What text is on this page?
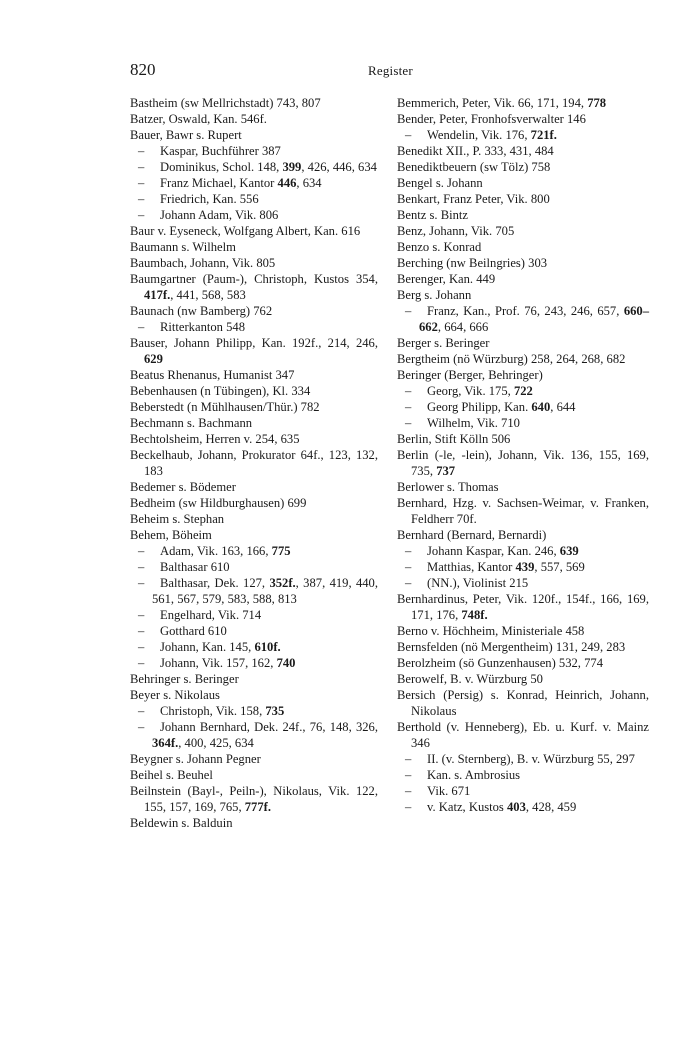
820	Register
Bastheim (sw Mellrichstadt) 743, 807
Batzer, Oswald, Kan. 546f.
Bauer, Bawr s. Rupert
– Kaspar, Buchführer 387
– Dominikus, Schol. 148, 399, 426, 446, 634
– Franz Michael, Kantor 446, 634
– Friedrich, Kan. 556
– Johann Adam, Vik. 806
Baur v. Eyseneck, Wolfgang Albert, Kan. 616
Baumann s. Wilhelm
Baumbach, Johann, Vik. 805
Baumgartner (Paum-), Christoph, Kustos 354, 417f., 441, 568, 583
Baunach (nw Bamberg) 762
– Ritterkanton 548
Bauser, Johann Philipp, Kan. 192f., 214, 246, 629
Beatus Rhenanus, Humanist 347
Bebenhausen (n Tübingen), Kl. 334
Beberstedt (n Mühlhausen/Thür.) 782
Bechmann s. Bachmann
Bechtolsheim, Herren v. 254, 635
Beckelhaub, Johann, Prokurator 64f., 123, 132, 183
Bedemer s. Bödemer
Bedheim (sw Hildburghausen) 699
Beheim s. Stephan
Behem, Böheim
– Adam, Vik. 163, 166, 775
– Balthasar 610
– Balthasar, Dek. 127, 352f., 387, 419, 440, 561, 567, 579, 583, 588, 813
– Engelhard, Vik. 714
– Gotthard 610
– Johann, Kan. 145, 610f.
– Johann, Vik. 157, 162, 740
Behringer s. Beringer
Beyer s. Nikolaus
– Christoph, Vik. 158, 735
– Johann Bernhard, Dek. 24f., 76, 148, 326, 364f., 400, 425, 634
Beygner s. Johann Pegner
Beihel s. Beuhel
Beilnstein (Bayl-, Peiln-), Nikolaus, Vik. 122, 155, 157, 169, 765, 777f.
Beldewin s. Balduin
Bemmerich, Peter, Vik. 66, 171, 194, 778
Bender, Peter, Fronhofsverwalter 146
– Wendelin, Vik. 176, 721f.
Benedikt XII., P. 333, 431, 484
Benediktbeuern (sw Tölz) 758
Bengel s. Johann
Benkart, Franz Peter, Vik. 800
Bentz s. Bintz
Benz, Johann, Vik. 705
Benzo s. Konrad
Berching (nw Beilngries) 303
Berenger, Kan. 449
Berg s. Johann
– Franz, Kan., Prof. 76, 243, 246, 657, 660–662, 664, 666
Berger s. Beringer
Bergtheim (nö Würzburg) 258, 264, 268, 682
Beringer (Berger, Behringer)
– Georg, Vik. 175, 722
– Georg Philipp, Kan. 640, 644
– Wilhelm, Vik. 710
Berlin, Stift Kölln 506
Berlin (-le, -lein), Johann, Vik. 136, 155, 169, 735, 737
Berlower s. Thomas
Bernhard, Hzg. v. Sachsen-Weimar, v. Franken, Feldherr 70f.
Bernhard (Bernard, Bernardi)
– Johann Kaspar, Kan. 246, 639
– Matthias, Kantor 439, 557, 569
– (NN.), Violinist 215
Bernhardinus, Peter, Vik. 120f., 154f., 166, 169, 171, 176, 748f.
Berno v. Höchheim, Ministeriale 458
Bernsfelden (nö Mergentheim) 131, 249, 283
Berolzheim (sö Gunzenhausen) 532, 774
Berowelf, B. v. Würzburg 50
Bersich (Persig) s. Konrad, Heinrich, Johann, Nikolaus
Berthold (v. Henneberg), Eb. u. Kurf. v. Mainz 346
– II. (v. Sternberg), B. v. Würzburg 55, 297
– Kan. s. Ambrosius
– Vik. 671
– v. Katz, Kustos 403, 428, 459
